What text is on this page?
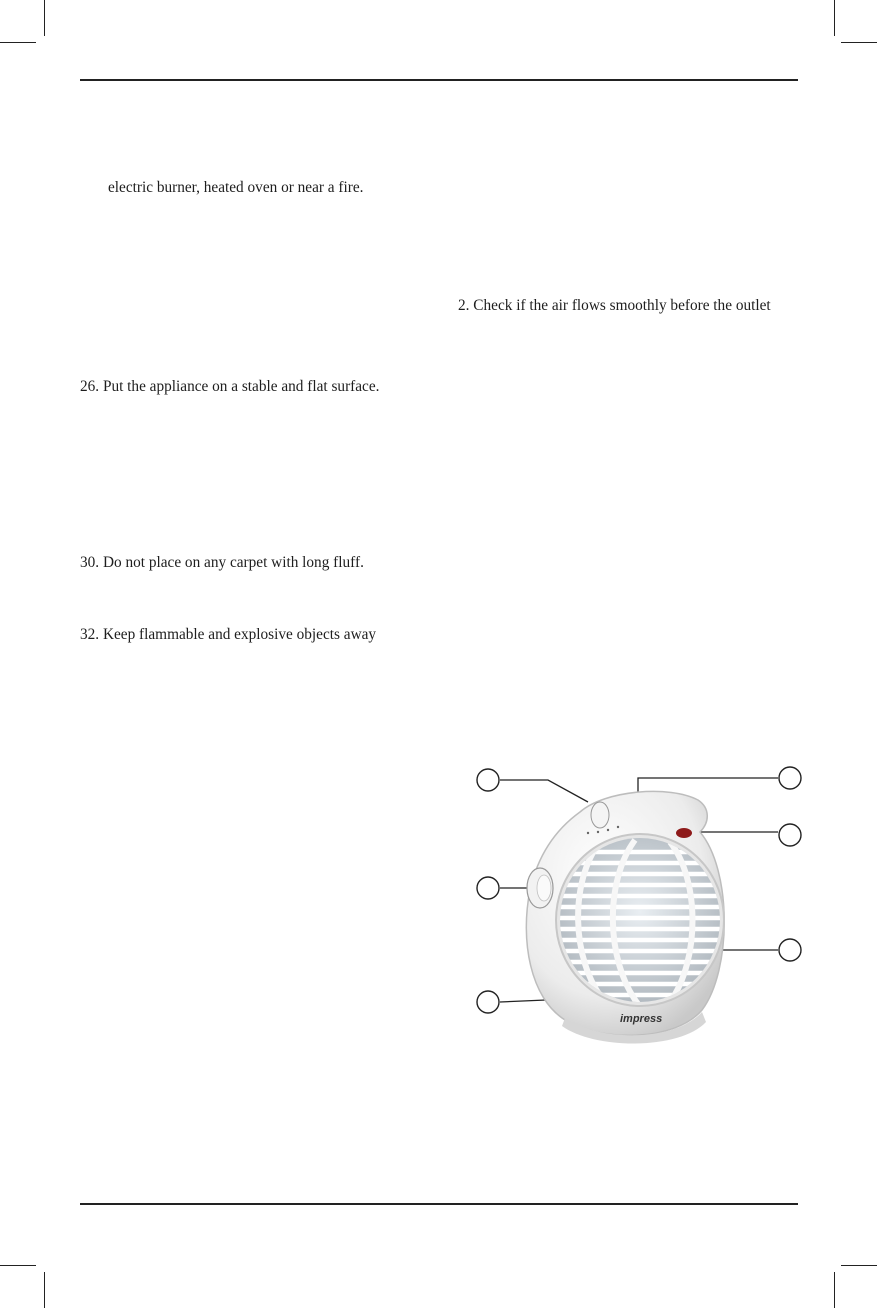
electric burner, heated oven or near a fire.
2. Check if the air flows smoothly before the outlet
26. Put the appliance on a stable and flat surface.
30. Do not place on any carpet with long fluff.
32. Keep flammable and explosive objects away
impress
